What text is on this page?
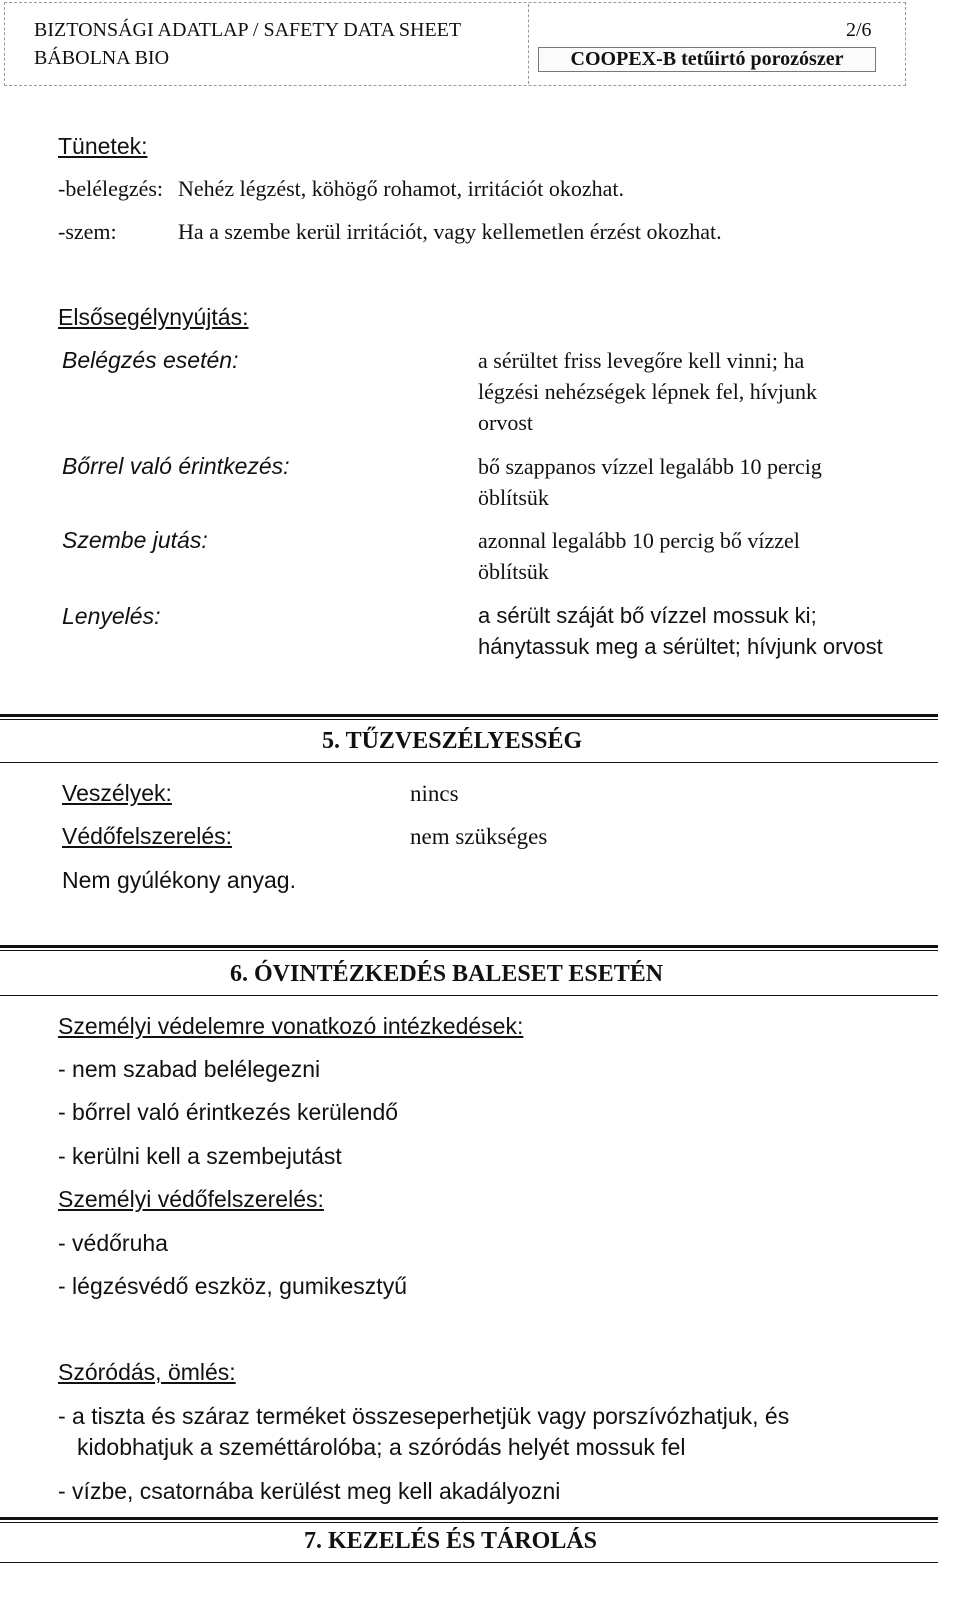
BIZTONSÁGI ADATLAP / SAFETY DATA SHEET	2/6
BÁBOLNA BIO	COOPEX-B tetűirtó porozószer
Tünetek:
-belélegzés: Nehéz légzést, köhögő rohamot, irritációt okozhat.
-szem:	Ha a szembe kerül irritációt, vagy kellemetlen érzést okozhat.
Elsősegélynyújtás:
Belégzés esetén:	a sérültet friss levegőre kell vinni; ha
légzési nehézségek lépnek fel, hívjunk
orvost
Bőrrel való érintkezés:	bő szappanos vízzel legalább 10 percig
öblítsük
Szembe jutás:	azonnal legalább 10 percig bő vízzel
öblítsük
Lenyelés:	a sérült száját bő vízzel mossuk ki;
hánytassuk meg a sérültet; hívjunk orvost
5. TŰZVESZÉLYESSÉG
Veszélyek:	nincs
Védőfelszerelés:	nem szükséges
Nem gyúlékony anyag.
6. ÓVINTÉZKEDÉS BALESET ESETÉN
Személyi védelemre vonatkozó intézkedések:
- nem szabad belélegezni
- bőrrel való érintkezés kerülendő
- kerülni kell a szembejutást
Személyi védőfelszerelés:
- védőruha
- légzésvédő eszköz, gumikesztyű
Szóródás, ömlés:
- a tiszta és száraz terméket összeseperhetjük vagy porszívózhatjuk, és
kidobhatjuk a szeméttárolóba; a szóródás helyét mossuk fel
- vízbe, csatornába kerülést meg kell akadályozni
7. KEZELÉS ÉS TÁROLÁS
